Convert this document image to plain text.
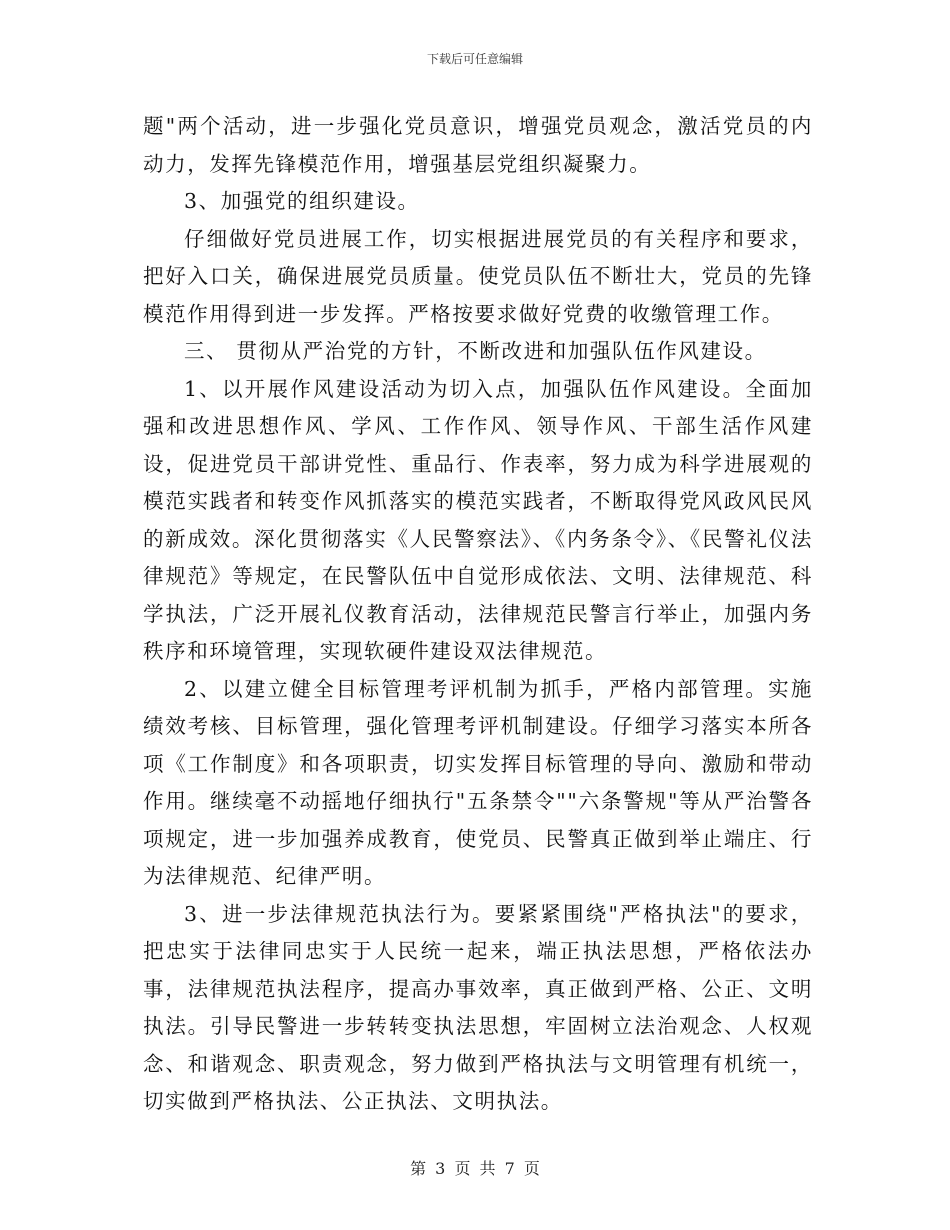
下载后可任意编辑

题"两个活动，进一步强化党员意识，增强党员观念，激活党员的内动力，发挥先锋模范作用，增强基层党组织凝聚力。

3、加强党的组织建设。

仔细做好党员进展工作，切实根据进展党员的有关程序和要求，把好入口关，确保进展党员质量。使党员队伍不断壮大，党员的先锋模范作用得到进一步发挥。严格按要求做好党费的收缴管理工作。

三、 贯彻从严治党的方针，不断改进和加强队伍作风建设。

1、以开展作风建设活动为切入点，加强队伍作风建设。全面加强和改进思想作风、学风、工作作风、领导作风、干部生活作风建设，促进党员干部讲党性、重品行、作表率，努力成为科学进展观的模范实践者和转变作风抓落实的模范实践者，不断取得党风政风民风的新成效。深化贯彻落实《人民警察法》、《内务条令》、《民警礼仪法律规范》等规定，在民警队伍中自觉形成依法、文明、法律规范、科学执法，广泛开展礼仪教育活动，法律规范民警言行举止，加强内务秩序和环境管理，实现软硬件建设双法律规范。

2、以建立健全目标管理考评机制为抓手，严格内部管理。实施绩效考核、目标管理，强化管理考评机制建设。仔细学习落实本所各项《工作制度》和各项职责，切实发挥目标管理的导向、激励和带动作用。继续毫不动摇地仔细执行"五条禁令""六条警规"等从严治警各项规定，进一步加强养成教育，使党员、民警真正做到举止端庄、行为法律规范、纪律严明。

3、进一步法律规范执法行为。要紧紧围绕"严格执法"的要求，把忠实于法律同忠实于人民统一起来，端正执法思想，严格依法办事，法律规范执法程序，提高办事效率，真正做到严格、公正、文明执法。引导民警进一步转转变执法思想，牢固树立法治观念、人权观念、和谐观念、职责观念，努力做到严格执法与文明管理有机统一，切实做到严格执法、公正执法、文明执法。

第 3 页 共 7 页
